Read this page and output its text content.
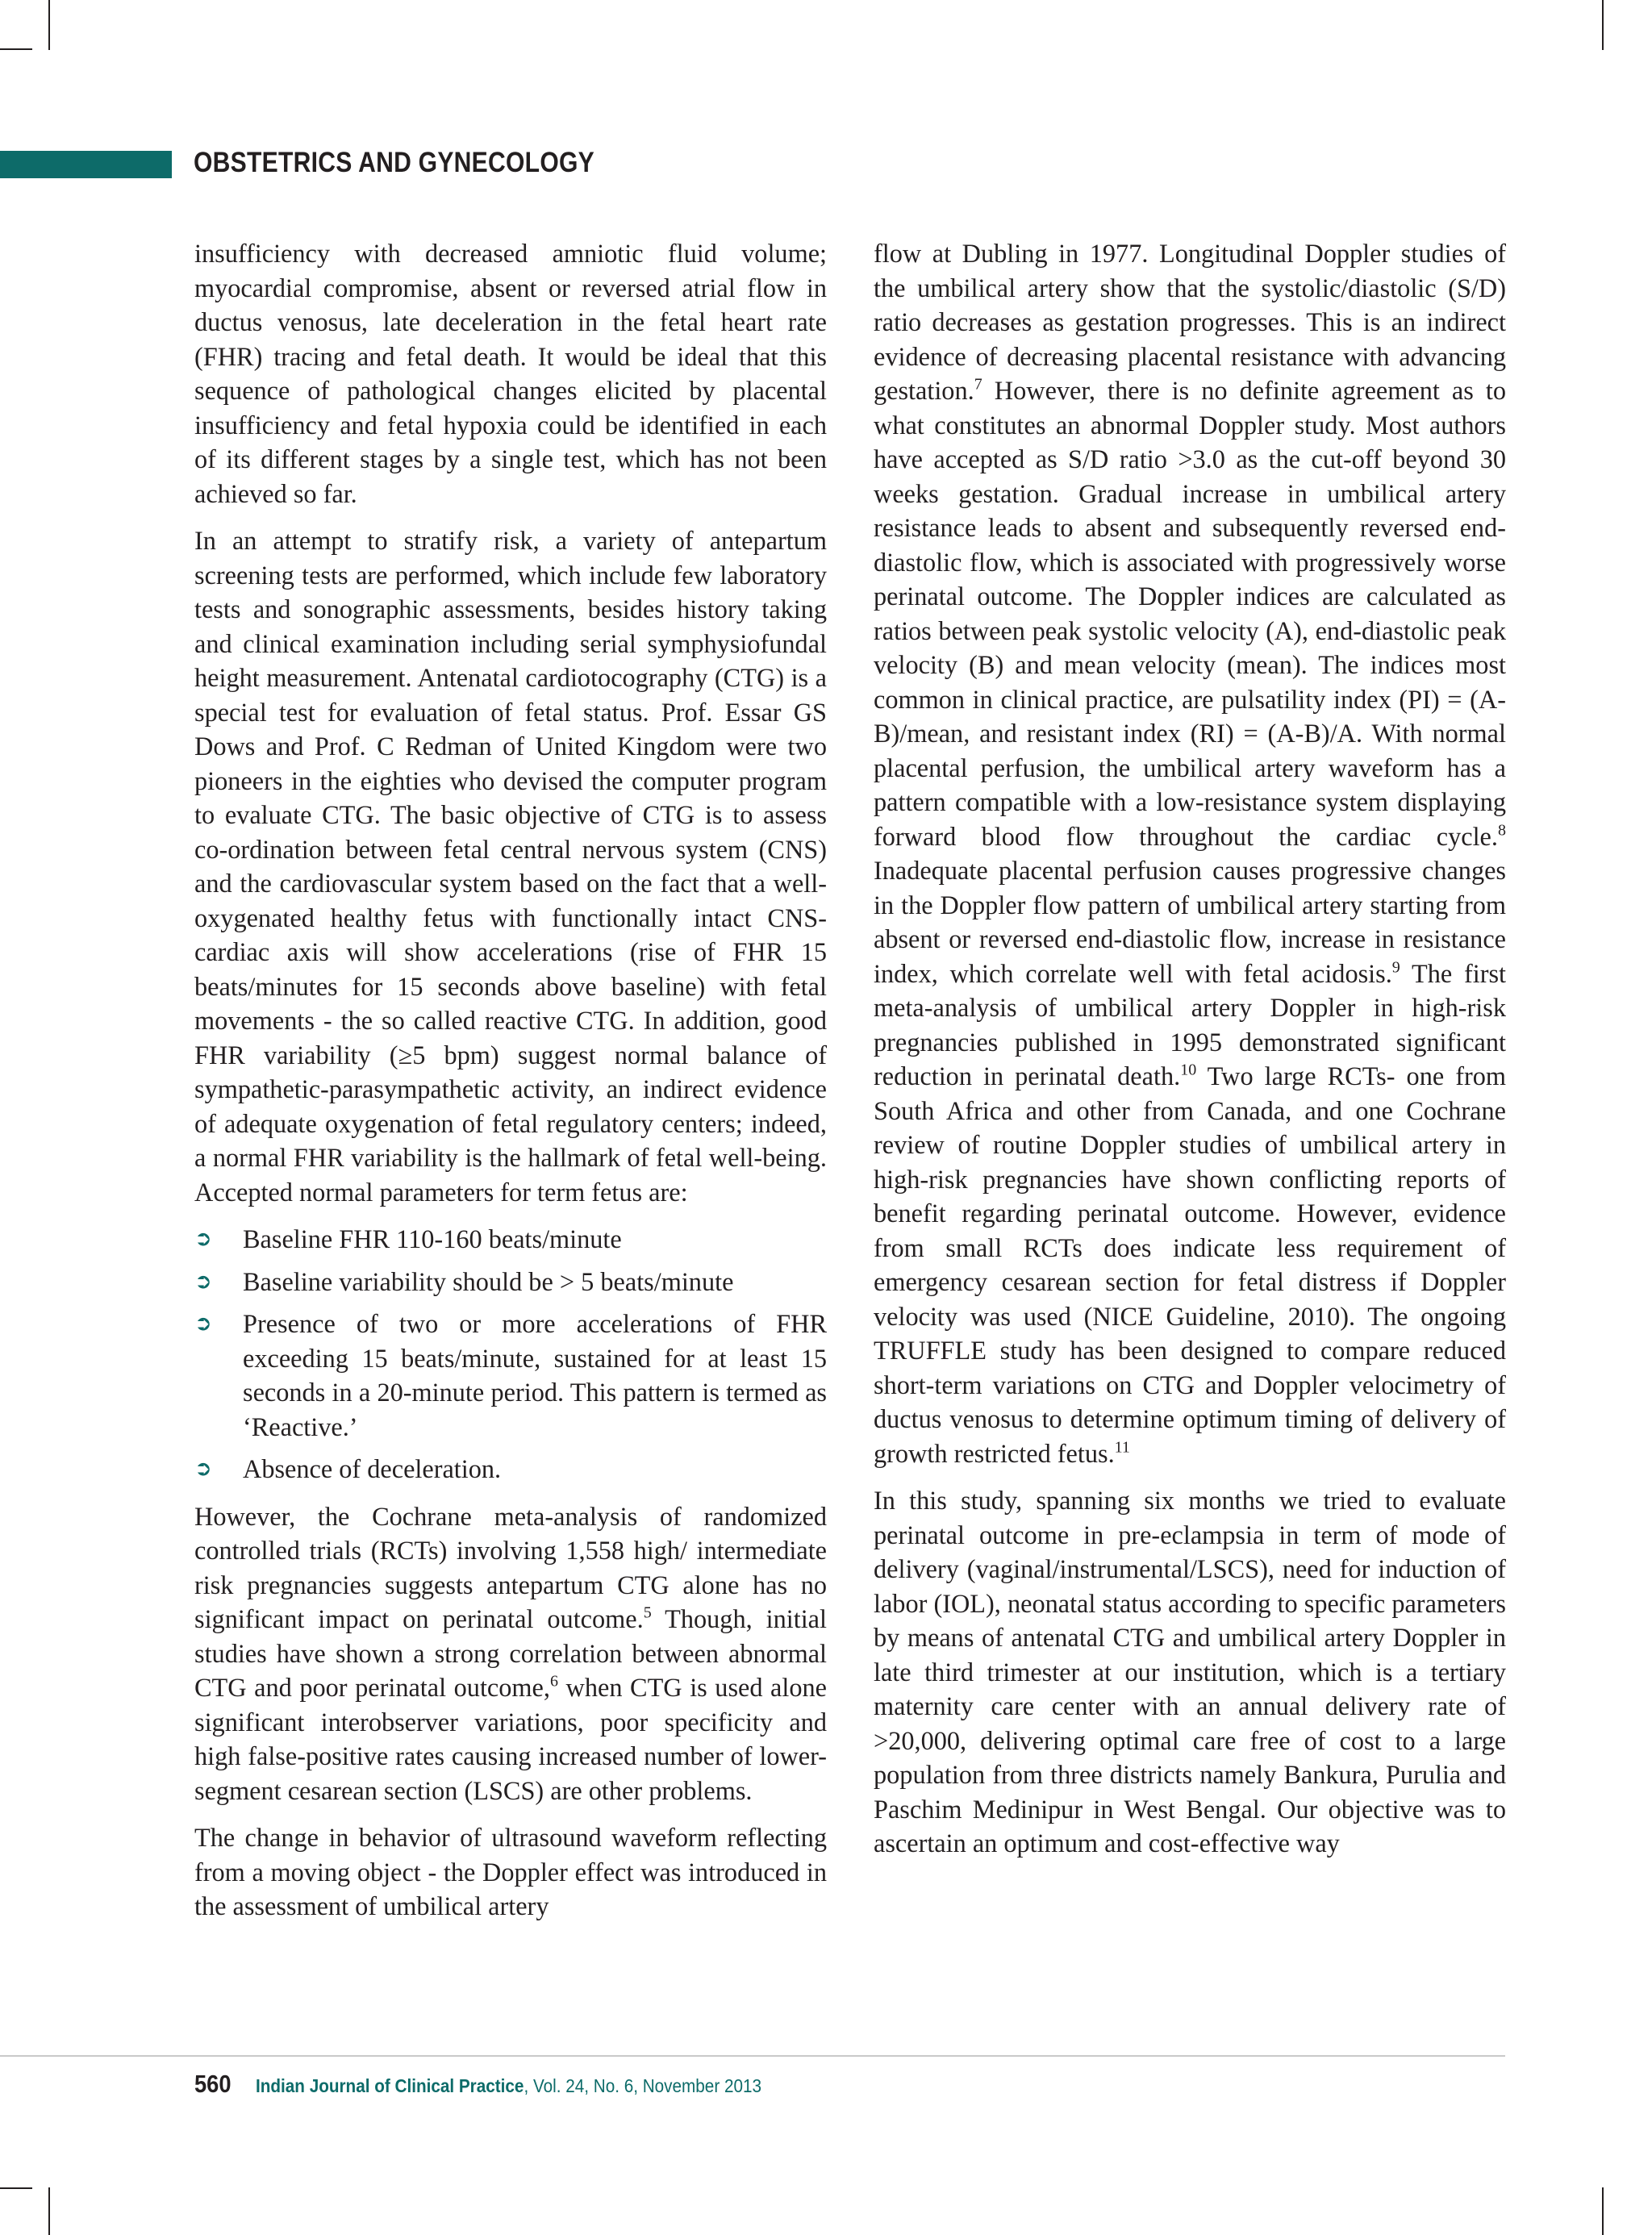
OBSTETRICS AND GYNECOLOGY

insufficiency with decreased amniotic fluid volume; myocardial compromise, absent or reversed atrial flow in ductus venosus, late deceleration in the fetal heart rate (FHR) tracing and fetal death. It would be ideal that this sequence of pathological changes elicited by placental insufficiency and fetal hypoxia could be identified in each of its different stages by a single test, which has not been achieved so far.

In an attempt to stratify risk, a variety of antepartum screening tests are performed, which include few laboratory tests and sonographic assessments, besides history taking and clinical examination including serial symphysiofundal height measurement. Antenatal cardiotocography (CTG) is a special test for evaluation of fetal status. Prof. Essar GS Dows and Prof. C Redman of United Kingdom were two pioneers in the eighties who devised the computer program to evaluate CTG. The basic objective of CTG is to assess co-ordination between fetal central nervous system (CNS) and the cardiovascular system based on the fact that a well-oxygenated healthy fetus with functionally intact CNS-cardiac axis will show accelerations (rise of FHR 15 beats/minutes for 15 seconds above baseline) with fetal movements - the so called reactive CTG. In addition, good FHR variability (≥5 bpm) suggest normal balance of sympathetic-parasympathetic activity, an indirect evidence of adequate oxygenation of fetal regulatory centers; indeed, a normal FHR variability is the hallmark of fetal well-being. Accepted normal parameters for term fetus are:

➲ Baseline FHR 110-160 beats/minute
➲ Baseline variability should be > 5 beats/minute
➲ Presence of two or more accelerations of FHR exceeding 15 beats/minute, sustained for at least 15 seconds in a 20-minute period. This pattern is termed as ‘Reactive.’
➲ Absence of deceleration.

However, the Cochrane meta-analysis of randomized controlled trials (RCTs) involving 1,558 high/ intermediate risk pregnancies suggests antepartum CTG alone has no significant impact on perinatal outcome.$^5$ Though, initial studies have shown a strong correlation between abnormal CTG and poor perinatal outcome,$^6$ when CTG is used alone significant interobserver variations, poor specificity and high false-positive rates causing increased number of lower-segment cesarean section (LSCS) are other problems.

The change in behavior of ultrasound waveform reflecting from a moving object - the Doppler effect was introduced in the assessment of umbilical artery

flow at Dubling in 1977. Longitudinal Doppler studies of the umbilical artery show that the systolic/diastolic (S/D) ratio decreases as gestation progresses. This is an indirect evidence of decreasing placental resistance with advancing gestation.$^7$ However, there is no definite agreement as to what constitutes an abnormal Doppler study. Most authors have accepted as S/D ratio >3.0 as the cut-off beyond 30 weeks gestation. Gradual increase in umbilical artery resistance leads to absent and subsequently reversed end-diastolic flow, which is associated with progressively worse perinatal outcome. The Doppler indices are calculated as ratios between peak systolic velocity (A), end-diastolic peak velocity (B) and mean velocity (mean). The indices most common in clinical practice, are pulsatility index (PI) = (A-B)/mean, and resistant index (RI) = (A-B)/A. With normal placental perfusion, the umbilical artery waveform has a pattern compatible with a low-resistance system displaying forward blood flow throughout the cardiac cycle.$^8$ Inadequate placental perfusion causes progressive changes in the Doppler flow pattern of umbilical artery starting from absent or reversed end-diastolic flow, increase in resistance index, which correlate well with fetal acidosis.$^9$ The first meta-analysis of umbilical artery Doppler in high-risk pregnancies published in 1995 demonstrated significant reduction in perinatal death.$^{10}$ Two large RCTs- one from South Africa and other from Canada, and one Cochrane review of routine Doppler studies of umbilical artery in high-risk pregnancies have shown conflicting reports of benefit regarding perinatal outcome. However, evidence from small RCTs does indicate less requirement of emergency cesarean section for fetal distress if Doppler velocity was used (NICE Guideline, 2010). The ongoing TRUFFLE study has been designed to compare reduced short-term variations on CTG and Doppler velocimetry of ductus venosus to determine optimum timing of delivery of growth restricted fetus.$^{11}$

In this study, spanning six months we tried to evaluate perinatal outcome in pre-eclampsia in term of mode of delivery (vaginal/instrumental/LSCS), need for induction of labor (IOL), neonatal status according to specific parameters by means of antenatal CTG and umbilical artery Doppler in late third trimester at our institution, which is a tertiary maternity care center with an annual delivery rate of >20,000, delivering optimal care free of cost to a large population from three districts namely Bankura, Purulia and Paschim Medinipur in West Bengal. Our objective was to ascertain an optimum and cost-effective way

560 Indian Journal of Clinical Practice, Vol. 24, No. 6, November 2013
